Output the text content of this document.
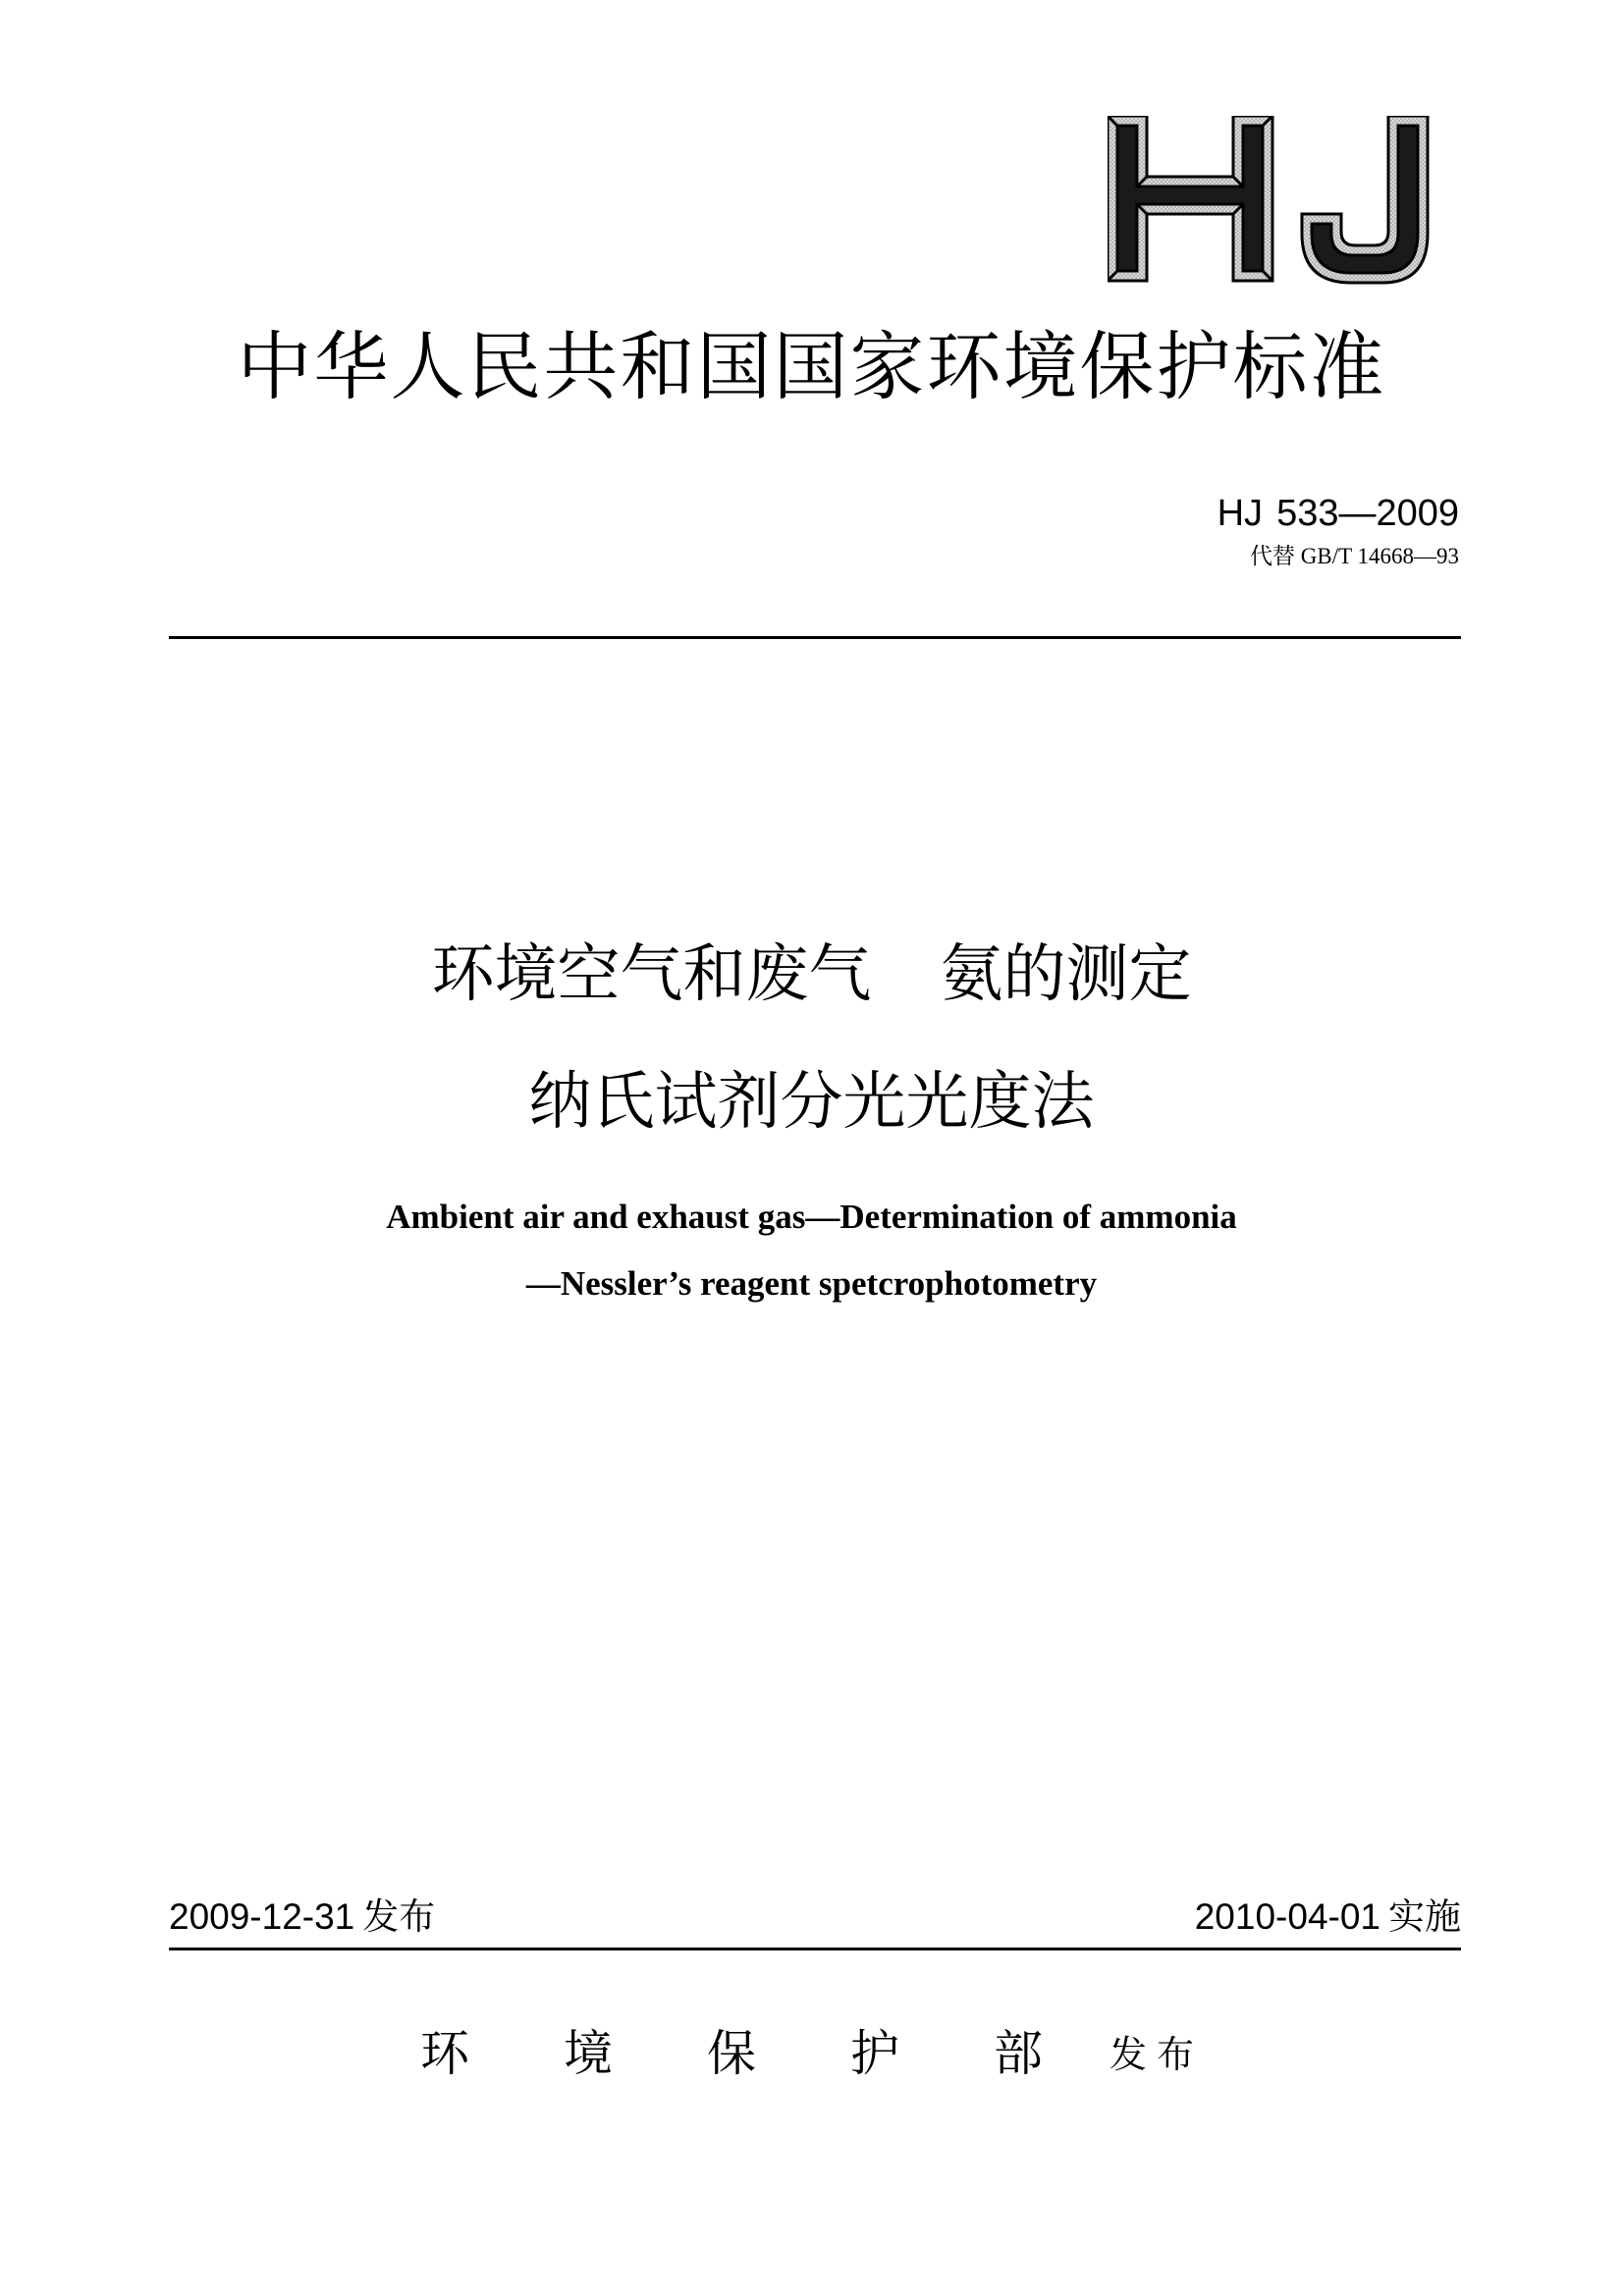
中华人民共和国国家环境保护标准
HJ 533—2009
代替 GB/T 14668—93
环境空气和废气 氨的测定
纳氏试剂分光光度法
Ambient air and exhaust gas—Determination of ammonia
—Nessler’s reagent spetcrophotometry
2009-12-31 发布	2010-04-01 实施
环 境 保 护 部 发布
